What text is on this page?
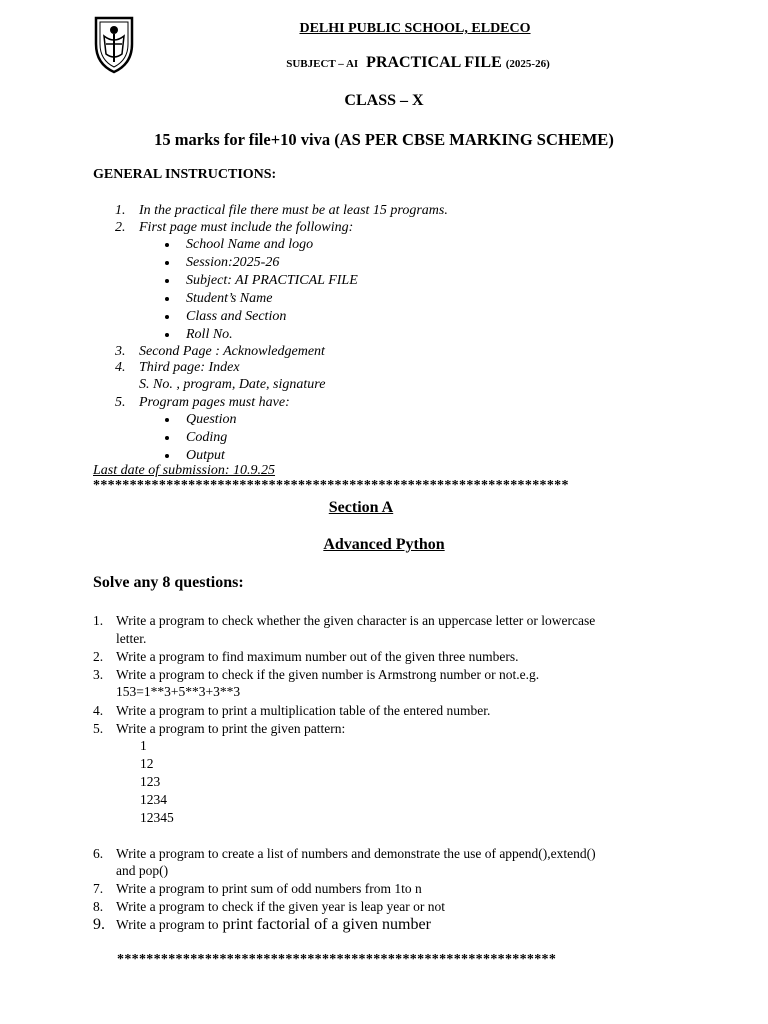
DELHI PUBLIC SCHOOL, ELDECO
SUBJECT – AI PRACTICAL FILE (2025-26)
CLASS – X
15 marks for file+10 viva (AS PER CBSE MARKING SCHEME)
GENERAL INSTRUCTIONS:
1. In the practical file there must be at least 15 programs.
2. First page must include the following:
School Name and logo
Session:2025-26
Subject: AI PRACTICAL FILE
Student’s Name
Class and Section
Roll No.
3. Second Page : Acknowledgement
4. Third page: Index
S. No. , program, Date, signature
5. Program pages must have:
Question
Coding
Output
Last date of submission: 10.9.25
*****************************************************************
Section A
Advanced Python
Solve any 8 questions:
1. Write a program to check whether the given character is an uppercase letter or lowercase
letter.
2. Write a program to find maximum number out of the given three numbers.
3. Write a program to check if the given number is Armstrong number or not.e.g.
153=1**3+5**3+3**3
4. Write a program to print a multiplication table of the entered number.
5. Write a program to print the given pattern:
1
12
123
1234
12345
6. Write a program to create a list of numbers and demonstrate the use of append(),extend()
and pop()
7. Write a program to print sum of odd numbers from 1to n
8. Write a program to check if the given year is leap year or not
9. Write a program to print factorial of a given number
************************************************************
